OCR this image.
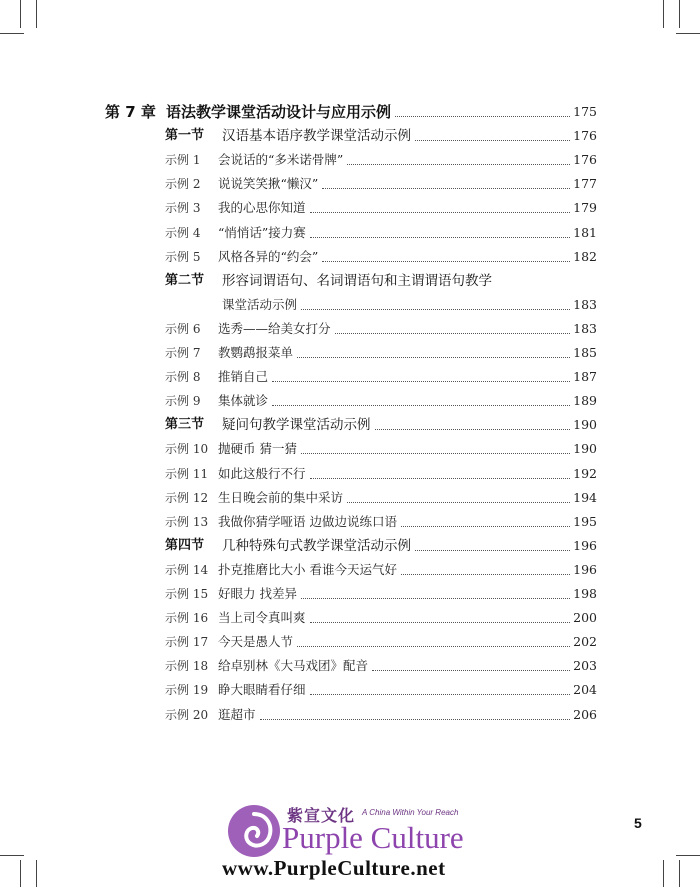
第 7 章 语法教学课堂活动设计与应用示例	175
第一节 汉语基本语序教学课堂活动示例	176
示例 1 会说话的“多米诺骨牌”	176
示例 2 说说笑笑揪“懒汉”	177
示例 3 我的心思你知道	179
示例 4 “悄悄话”接力赛	181
示例 5 风格各异的“约会”	182
第二节 形容词谓语句、名词谓语句和主谓谓语句教学
课堂活动示例	183
示例 6 选秀——给美女打分	183
示例 7 教鹦鹉报菜单	185
示例 8 推销自己	187
示例 9 集体就诊	189
第三节 疑问句教学课堂活动示例	190
示例 10 抛硬币 猜一猜	190
示例 11 如此这般行不行	192
示例 12 生日晚会前的集中采访	194
示例 13 我做你猜学哑语 边做边说练口语	195
第四节 几种特殊句式教学课堂活动示例	196
示例 14 扑克推磨比大小 看谁今天运气好	196
示例 15 好眼力 找差异	198
示例 16 当上司令真叫爽	200
示例 17 今天是愚人节	202
示例 18 给卓别林《大马戏团》配音	203
示例 19 睁大眼睛看仔细	204
示例 20 逛超市	206
5
紫宣文化 A China Within Your Reach
Purple Culture
www.PurpleCulture.net
